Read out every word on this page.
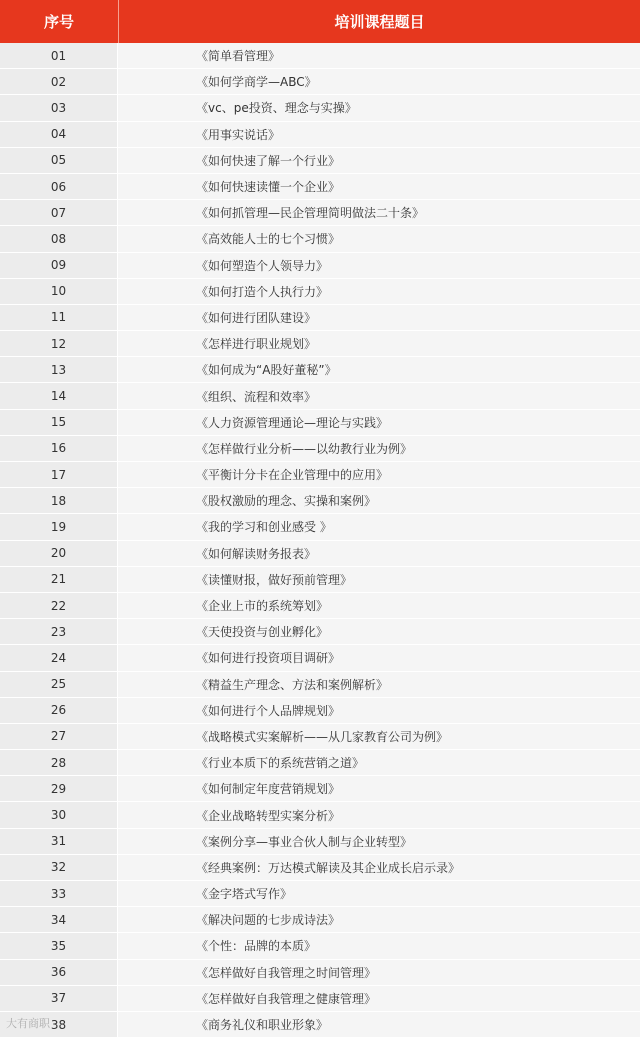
序号	培训课程题目
01	《简单看管理》
02	《如何学商学—ABC》
03	《vc、pe投资、理念与实操》
04	《用事实说话》
05	《如何快速了解一个行业》
06	《如何快速读懂一个企业》
07	《如何抓管理—民企管理简明做法二十条》
08	《高效能人士的七个习惯》
09	《如何塑造个人领导力》
10	《如何打造个人执行力》
11	《如何进行团队建设》
12	《怎样进行职业规划》
13	《如何成为“A股好董秘”》
14	《组织、流程和效率》
15	《人力资源管理通论—理论与实践》
16	《怎样做行业分析——以幼教行业为例》
17	《平衡计分卡在企业管理中的应用》
18	《股权激励的理念、实操和案例》
19	《我的学习和创业感受 》
20	《如何解读财务报表》
21	《读懂财报，做好预前管理》
22	《企业上市的系统筹划》
23	《天使投资与创业孵化》
24	《如何进行投资项目调研》
25	《精益生产理念、方法和案例解析》
26	《如何进行个人品牌规划》
27	《战略模式实案解析——从几家教育公司为例》
28	《行业本质下的系统营销之道》
29	《如何制定年度营销规划》
30	《企业战略转型实案分析》
31	《案例分享—事业合伙人制与企业转型》
32	《经典案例：万达模式解读及其企业成长启示录》
33	《金字塔式写作》
34	《解决问题的七步成诗法》
35	《个性：品牌的本质》
36	《怎样做好自我管理之时间管理》
37	《怎样做好自我管理之健康管理》
38	《商务礼仪和职业形象》
大有商职
